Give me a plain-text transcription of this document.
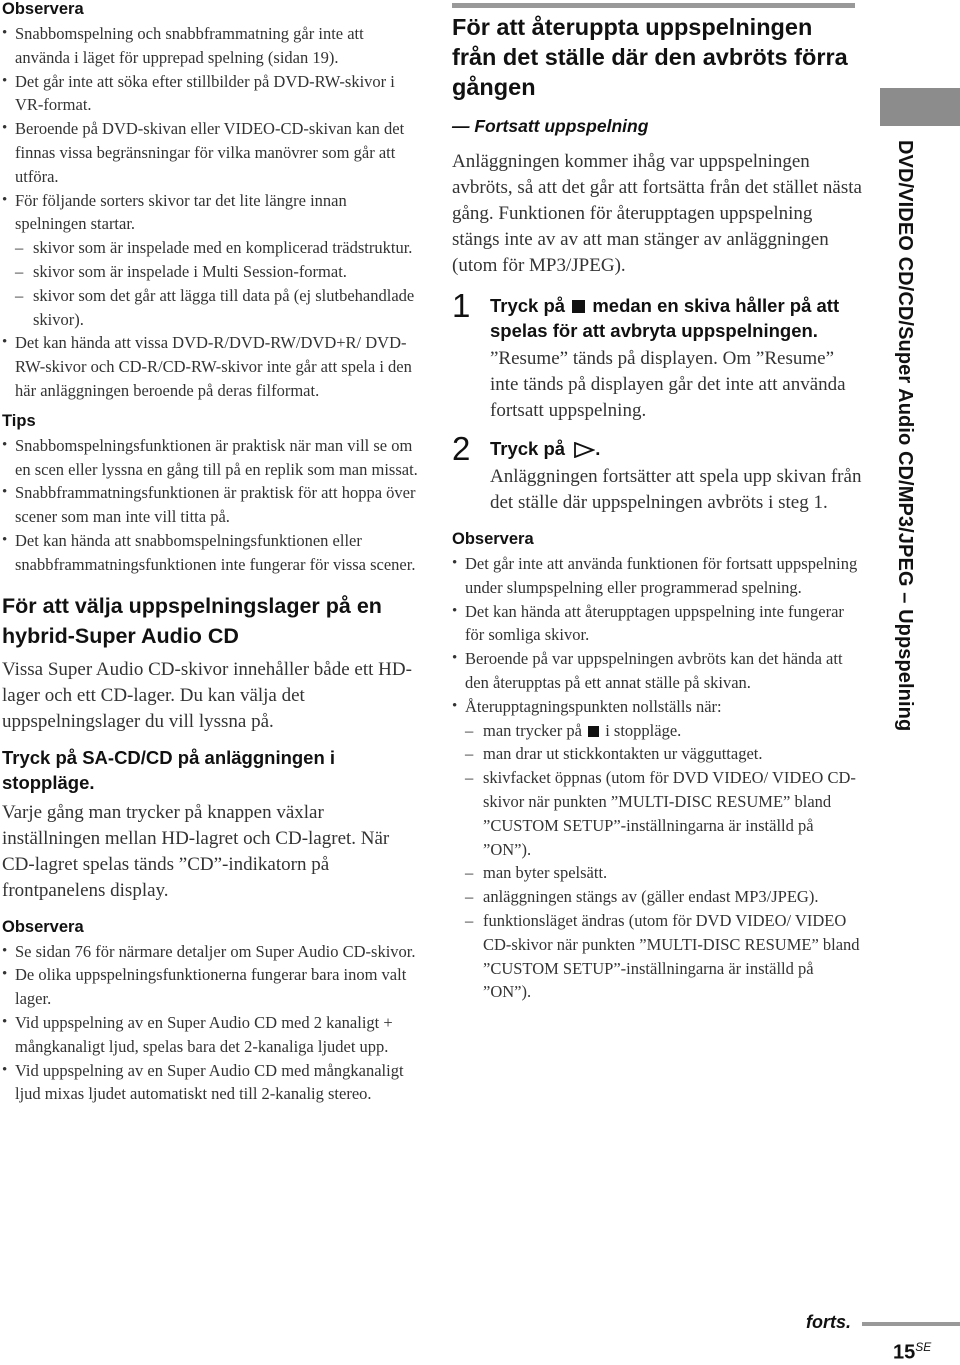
Observera

• Snabbomspelning och snabbframmatning går inte att använda i läget för upprepad spelning (sidan 19).
• Det går inte att söka efter stillbilder på DVD-RW-skivor i VR-format.
• Beroende på DVD-skivan eller VIDEO-CD-skivan kan det finnas vissa begränsningar för vilka manövrer som går att utföra.
• För följande sorters skivor tar det lite längre innan spelningen startar.
– skivor som är inspelade med en komplicerad trädstruktur.
– skivor som är inspelade i Multi Session-format.
– skivor som det går att lägga till data på (ej slutbehandlade skivor).
• Det kan hända att vissa DVD-R/DVD-RW/DVD+R/ DVD-RW-skivor och CD-R/CD-RW-skivor inte går att spela i den här anläggningen beroende på deras filformat.

Tips

• Snabbomspelningsfunktionen är praktisk när man vill se om en scen eller lyssna en gång till på en replik som man missat.
• Snabbframmatningsfunktionen är praktisk för att hoppa över scener som man inte vill titta på.
• Det kan hända att snabbomspelningsfunktionen eller snabbframmatningsfunktionen inte fungerar för vissa scener.
För att välja uppspelningslager på en hybrid-Super Audio CD

Vissa Super Audio CD-skivor innehåller både ett HD-lager och ett CD-lager. Du kan välja det uppspelningslager du vill lyssna på.

Tryck på SA-CD/CD på anläggningen i stoppläge.

Varje gång man trycker på knappen växlar inställningen mellan HD-lagret och CD-lagret. När CD-lagret spelas tänds ”CD”-indikatorn på frontpanelens display.

Observera

• Se sidan 76 för närmare detaljer om Super Audio CD-skivor.
• De olika uppspelningsfunktionerna fungerar bara inom valt lager.
• Vid uppspelning av en Super Audio CD med 2 kanaligt + mångkanaligt ljud, spelas bara det 2-kanaliga ljudet upp.
• Vid uppspelning av en Super Audio CD med mångkanaligt ljud mixas ljudet automatiskt ned till 2-kanalig stereo.
För att återuppta uppspelningen från det ställe där den avbröts förra gången
— Fortsatt uppspelning

Anläggningen kommer ihåg var uppspelningen avbröts, så att det går att fortsätta från det stället nästa gång. Funktionen för återupptagen uppspelning stängs inte av av att man stänger av anläggningen (utom för MP3/JPEG).

1 Tryck på medan en skiva håller på att spelas för att avbryta uppspelningen.
”Resume” tänds på displayen. Om ”Resume” inte tänds på displayen går det inte att använda fortsatt uppspelning.
2 Tryck på .
Anläggningen fortsätter att spela upp skivan från det ställe där uppspelningen avbröts i steg 1.

Observera

• Det går inte att använda funktionen för fortsatt uppspelning under slumpspelning eller programmerad spelning.
• Det kan hända att återupptagen uppspelning inte fungerar för somliga skivor.
• Beroende på var uppspelningen avbröts kan det hända att den återupptas på ett annat ställe på skivan.
• Återupptagningspunkten nollställs när:
– man trycker på i stoppläge.
– man drar ut stickkontakten ur vägguttaget.
– skivfacket öppnas (utom för DVD VIDEO/ VIDEO CD-skivor när punkten ”MULTI-DISC RESUME” bland ”CUSTOM SETUP”-inställningarna är inställd på ”ON”).
– man byter spelsätt.
– anläggningen stängs av (gäller endast MP3/JPEG).
– funktionsläget ändras (utom för DVD VIDEO/ VIDEO CD-skivor när punkten ”MULTI-DISC RESUME” bland ”CUSTOM SETUP”-inställningarna är inställd på ”ON”).
DVD/VIDEO CD/CD/Super Audio CD/MP3/JPEG – Uppspelning
forts.
$15^{SE}$
